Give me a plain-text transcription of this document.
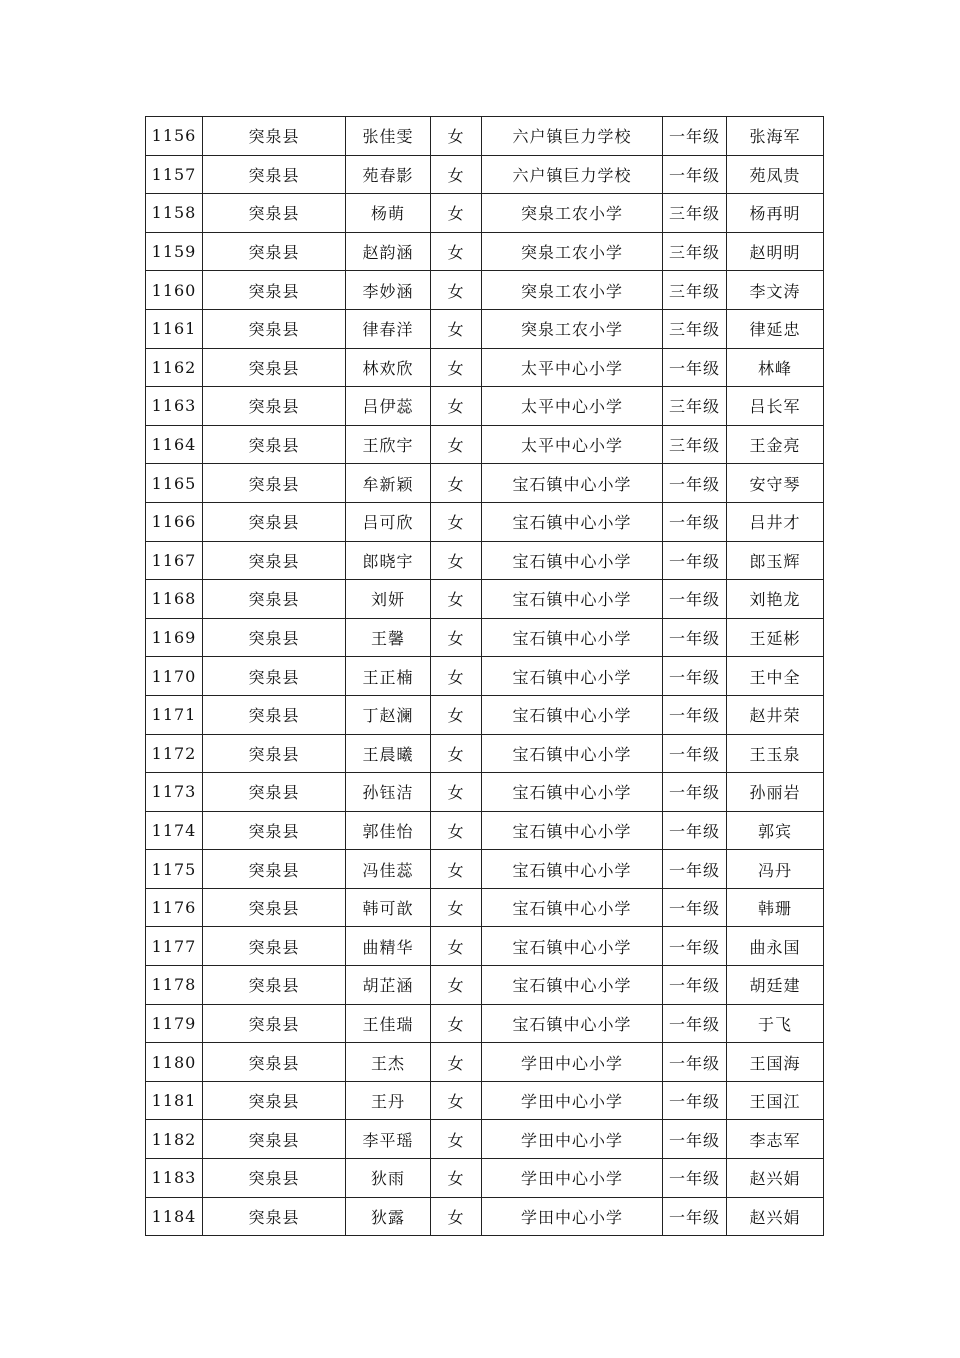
1156	突泉县	张佳雯	女	六户镇巨力学校	一年级	张海军
1157	突泉县	苑春影	女	六户镇巨力学校	一年级	苑凤贵
1158	突泉县	杨萌	女	突泉工农小学	三年级	杨再明
1159	突泉县	赵韵涵	女	突泉工农小学	三年级	赵明明
1160	突泉县	李妙涵	女	突泉工农小学	三年级	李文涛
1161	突泉县	律春洋	女	突泉工农小学	三年级	律延忠
1162	突泉县	林欢欣	女	太平中心小学	一年级	林峰
1163	突泉县	吕伊蕊	女	太平中心小学	三年级	吕长军
1164	突泉县	王欣宇	女	太平中心小学	三年级	王金亮
1165	突泉县	牟新颖	女	宝石镇中心小学	一年级	安守琴
1166	突泉县	吕可欣	女	宝石镇中心小学	一年级	吕井才
1167	突泉县	郎晓宇	女	宝石镇中心小学	一年级	郎玉辉
1168	突泉县	刘妍	女	宝石镇中心小学	一年级	刘艳龙
1169	突泉县	王馨	女	宝石镇中心小学	一年级	王延彬
1170	突泉县	王正楠	女	宝石镇中心小学	一年级	王中全
1171	突泉县	丁赵澜	女	宝石镇中心小学	一年级	赵井荣
1172	突泉县	王晨曦	女	宝石镇中心小学	一年级	王玉泉
1173	突泉县	孙钰洁	女	宝石镇中心小学	一年级	孙丽岩
1174	突泉县	郭佳怡	女	宝石镇中心小学	一年级	郭宾
1175	突泉县	冯佳蕊	女	宝石镇中心小学	一年级	冯丹
1176	突泉县	韩可歆	女	宝石镇中心小学	一年级	韩珊
1177	突泉县	曲精华	女	宝石镇中心小学	一年级	曲永国
1178	突泉县	胡芷涵	女	宝石镇中心小学	一年级	胡廷建
1179	突泉县	王佳瑞	女	宝石镇中心小学	一年级	于飞
1180	突泉县	王杰	女	学田中心小学	一年级	王国海
1181	突泉县	王丹	女	学田中心小学	一年级	王国江
1182	突泉县	李平瑶	女	学田中心小学	一年级	李志军
1183	突泉县	狄雨	女	学田中心小学	一年级	赵兴娟
1184	突泉县	狄露	女	学田中心小学	一年级	赵兴娟
